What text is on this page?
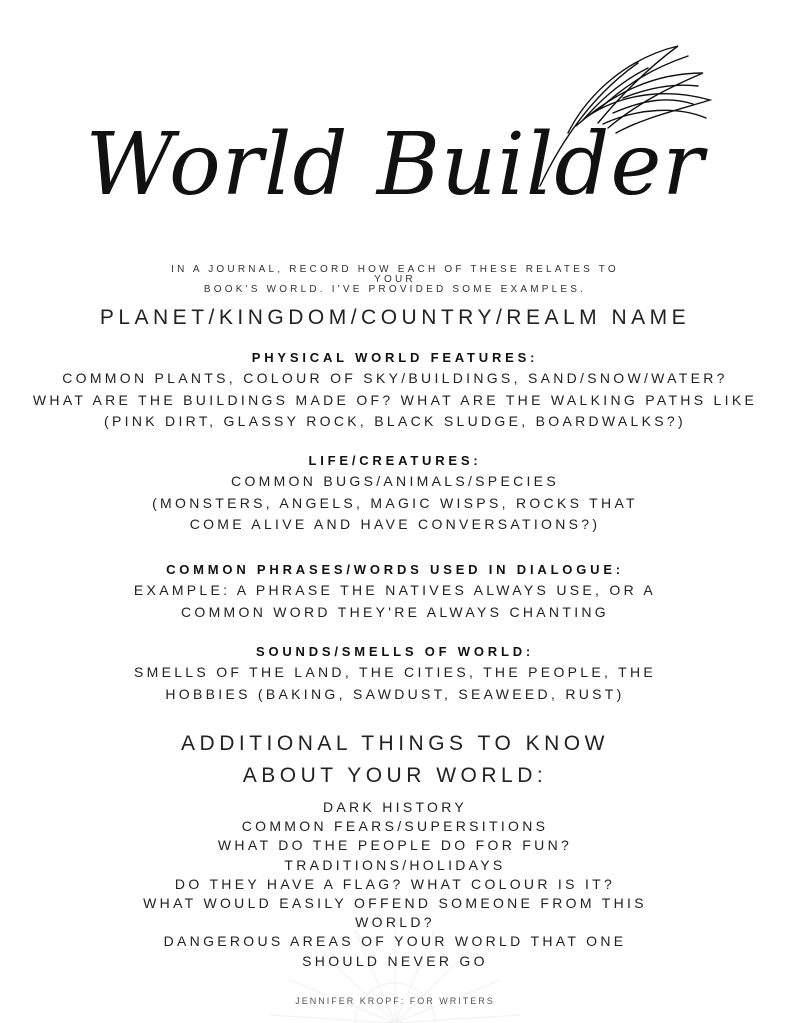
World Builder
IN A JOURNAL, RECORD HOW EACH OF THESE RELATES TO YOUR
BOOK'S WORLD. I'VE PROVIDED SOME EXAMPLES.
PLANET/KINGDOM/COUNTRY/REALM NAME
PHYSICAL WORLD FEATURES:
COMMON PLANTS, COLOUR OF SKY/BUILDINGS, SAND/SNOW/WATER?
WHAT ARE THE BUILDINGS MADE OF? WHAT ARE THE WALKING PATHS LIKE
(PINK DIRT, GLASSY ROCK, BLACK SLUDGE, BOARDWALKS?)
LIFE/CREATURES:
COMMON BUGS/ANIMALS/SPECIES
(MONSTERS, ANGELS, MAGIC WISPS, ROCKS THAT
COME ALIVE AND HAVE CONVERSATIONS?)
COMMON PHRASES/WORDS USED IN DIALOGUE:
EXAMPLE: A PHRASE THE NATIVES ALWAYS USE, OR A
COMMON WORD THEY'RE ALWAYS CHANTING
SOUNDS/SMELLS OF WORLD:
SMELLS OF THE LAND, THE CITIES, THE PEOPLE, THE
HOBBIES (BAKING, SAWDUST, SEAWEED, RUST)
ADDITIONAL THINGS TO KNOW
ABOUT YOUR WORLD:
DARK HISTORY
COMMON FEARS/SUPERSITIONS
WHAT DO THE PEOPLE DO FOR FUN?
TRADITIONS/HOLIDAYS
DO THEY HAVE A FLAG? WHAT COLOUR IS IT?
WHAT WOULD EASILY OFFEND SOMEONE FROM THIS
WORLD?
DANGEROUS AREAS OF YOUR WORLD THAT ONE
SHOULD NEVER GO
JENNIFER KROPF: FOR WRITERS
